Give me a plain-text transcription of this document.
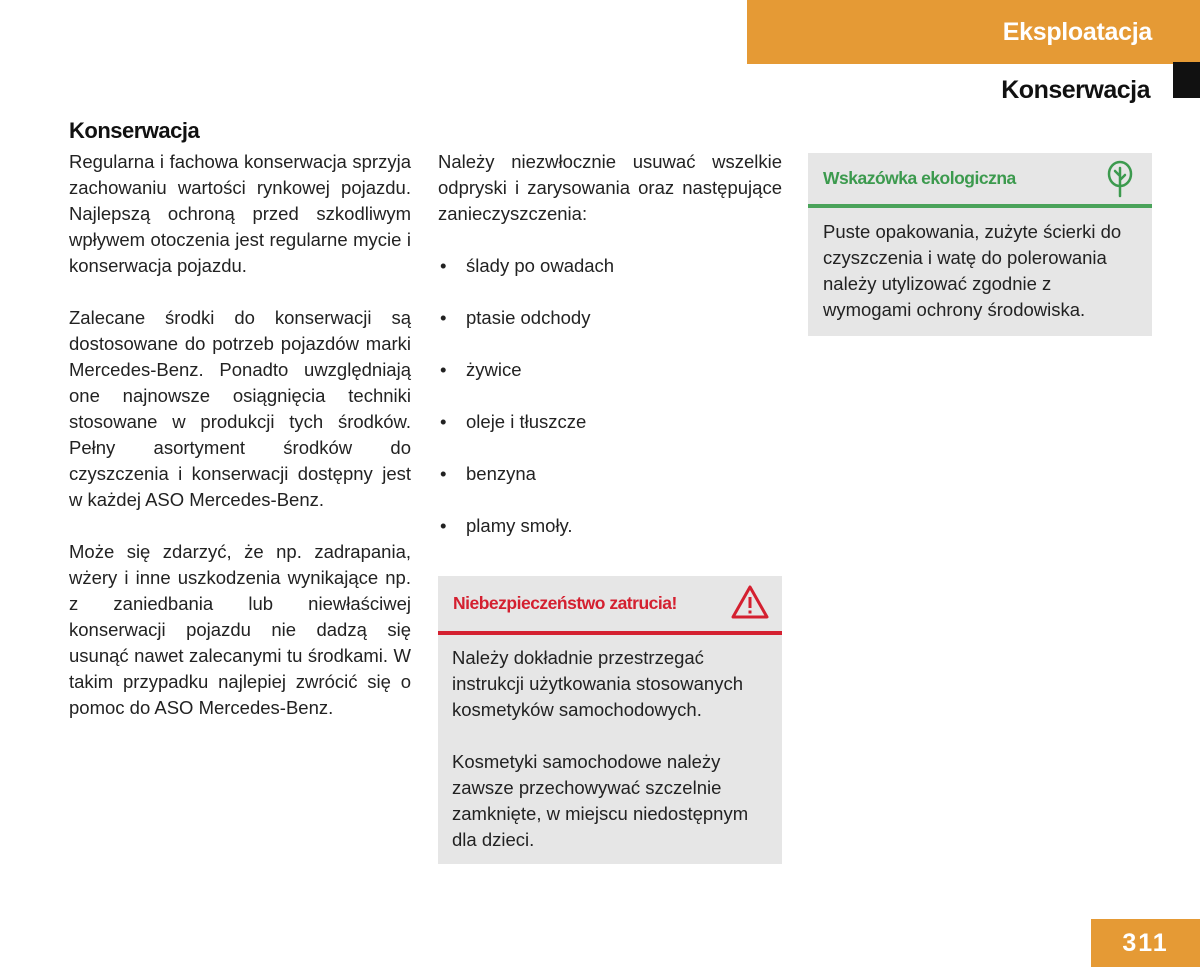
Eksploatacja
Konserwacja
Konserwacja

Regularna i fachowa konserwacja sprzyja zachowaniu wartości rynkowej pojazdu. Najlepszą ochroną przed szkodliwym wpływem otoczenia jest regularne mycie i konserwacja pojazdu.

Zalecane środki do konserwacji są dostosowane do potrzeb pojazdów marki Mercedes-Benz. Ponadto uwzględniają one najnowsze osiągnięcia techniki stosowane w produkcji tych środków. Pełny asortyment środków do czyszczenia i konserwacji dostępny jest w każdej ASO Mercedes-Benz.

Może się zdarzyć, że np. zadrapania, wżery i inne uszkodzenia wynikające np. z zaniedbania lub niewłaściwej konserwacji pojazdu nie dadzą się usunąć nawet zalecanymi tu środkami. W takim przypadku najlepiej zwrócić się o pomoc do ASO Mercedes-Benz.

Należy niezwłocznie usuwać wszelkie odpryski i zarysowania oraz następujące zanieczyszczenia:

• ślady po owadach
• ptasie odchody
• żywice
• oleje i tłuszcze
• benzyna
• plamy smoły.
Niebezpieczeństwo zatrucia!

Należy dokładnie przestrzegać instrukcji użytkowania stosowanych kosmetyków samochodowych.

Kosmetyki samochodowe należy zawsze przechowywać szczelnie zamknięte, w miejscu niedostępnym dla dzieci.

Wskazówka ekologiczna

Puste opakowania, zużyte ścierki do czyszczenia i watę do polerowania należy utylizować zgodnie z wymogami ochrony środowiska.

311
